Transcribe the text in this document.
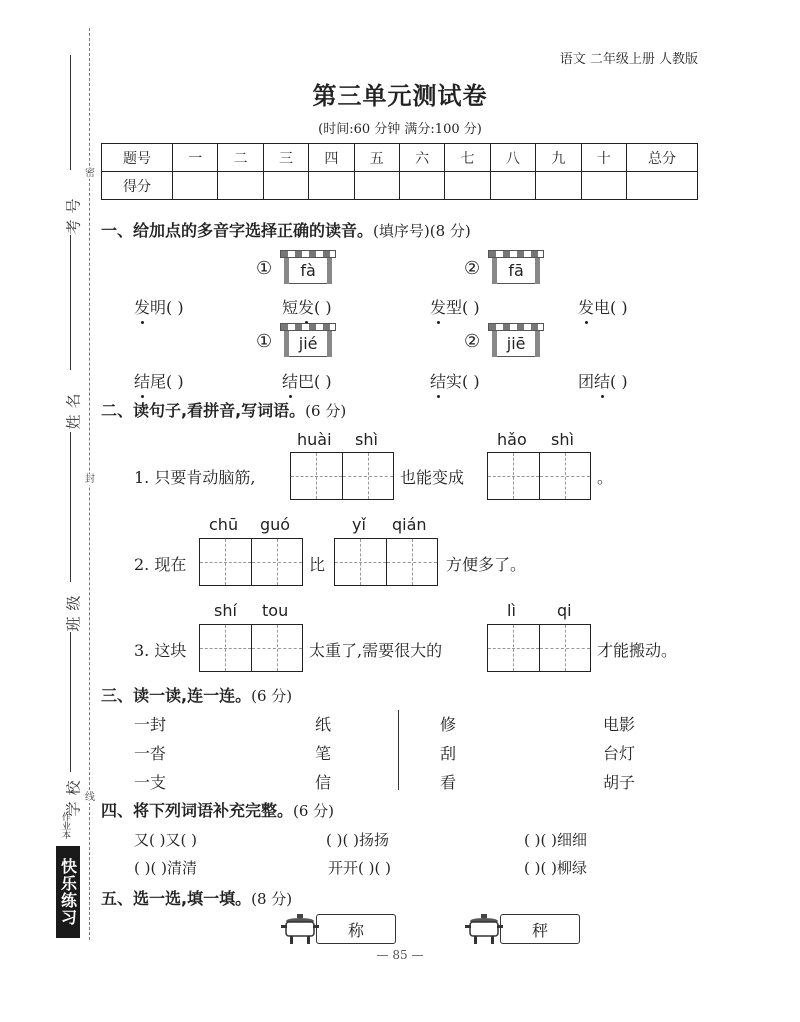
密
封
线
考号
姓名
班级
学校
作业本
快乐练习
语文 二年级上册 人教版
第三单元测试卷
(时间:60 分钟 满分:100 分)
题号	一	二	三	四	五	六	七	八	九	十	总分
得分											
一、给加点的多音字选择正确的读音。(填序号)(8 分)
①	fà	②	fā
发明( )	短发( )	发型( )	发电( )
①	jié	②	jiē
结尾( )	结巴( )	结实( )	团结( )
二、读句子,看拼音,写词语。(6 分)
huài shì	hǎo shì
1. 只要肯动脑筋,	也能变成	。
chū guó	yǐ qián
2. 现在	比	方便多了。
shí tou	lì	qi
3. 这块	太重了,需要很大的	才能搬动。
三、读一读,连一连。(6 分)
一封
一沓
一支
纸
笔
信
修
刮
看
电影
台灯
胡子
四、将下列词语补充完整。(6 分)
又( )又( )	( )( )扬扬	( )( )细细
( )( )清清	开开( )( )	( )( )柳绿
五、选一选,填一填。(8 分)
称	秤
— 85 —
